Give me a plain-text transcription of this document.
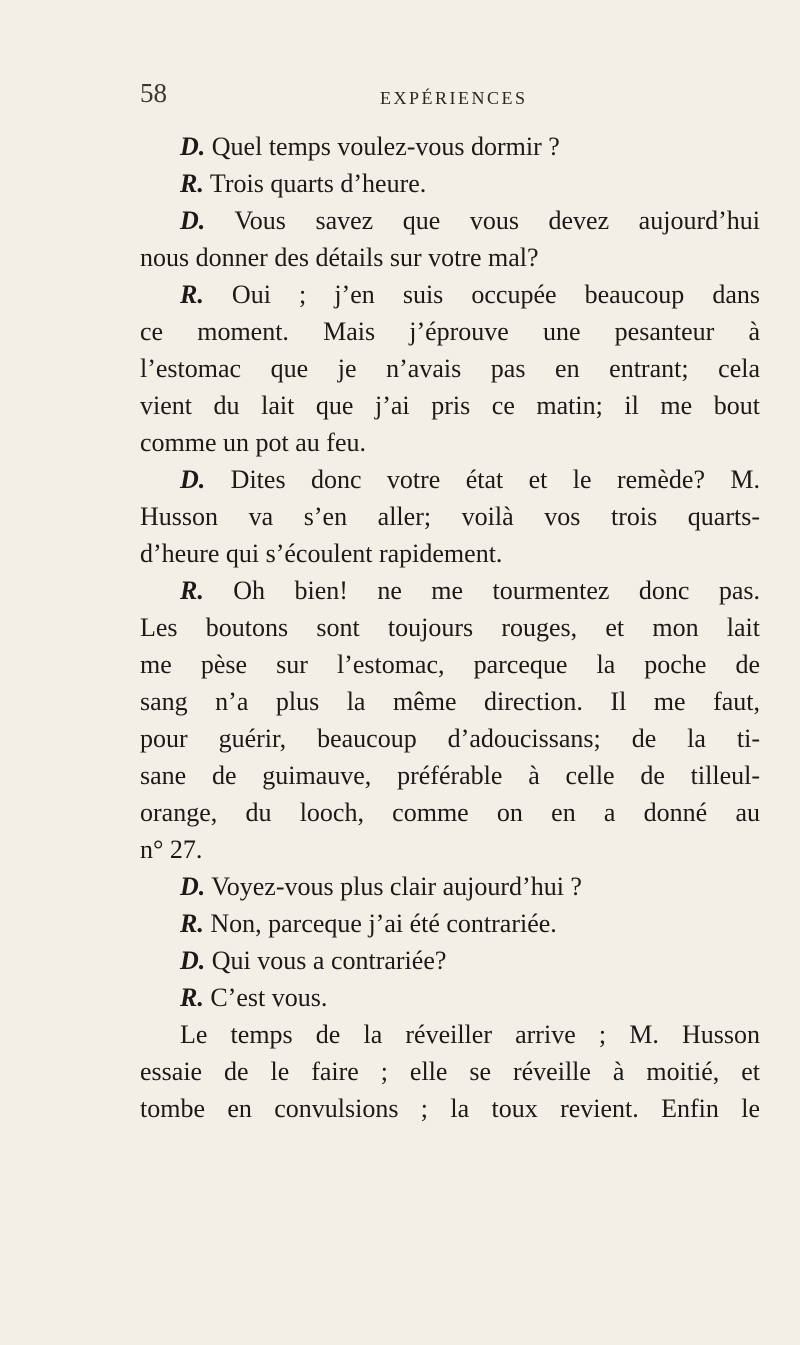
58	EXPÉRIENCES
D. Quel temps voulez-vous dormir ?
R. Trois quarts d’heure.
D. Vous savez que vous devez aujourd’hui
nous donner des détails sur votre mal?
R. Oui ; j’en suis occupée beaucoup dans
ce moment. Mais j’éprouve une pesanteur à
l’estomac que je n’avais pas en entrant; cela
vient du lait que j’ai pris ce matin; il me bout
comme un pot au feu.
D. Dites donc votre état et le remède? M.
Husson va s’en aller; voilà vos trois quarts-
d’heure qui s’écoulent rapidement.
R. Oh bien! ne me tourmentez donc pas.
Les boutons sont toujours rouges, et mon lait
me pèse sur l’estomac, parceque la poche de
sang n’a plus la même direction. Il me faut,
pour guérir, beaucoup d’adoucissans; de la ti-
sane de guimauve, préférable à celle de tilleul-
orange, du looch, comme on en a donné au
n° 27.
D. Voyez-vous plus clair aujourd’hui ?
R. Non, parceque j’ai été contrariée.
D. Qui vous a contrariée?
R. C’est vous.
Le temps de la réveiller arrive ; M. Husson
essaie de le faire ; elle se réveille à moitié, et
tombe en convulsions ; la toux revient. Enfin le
